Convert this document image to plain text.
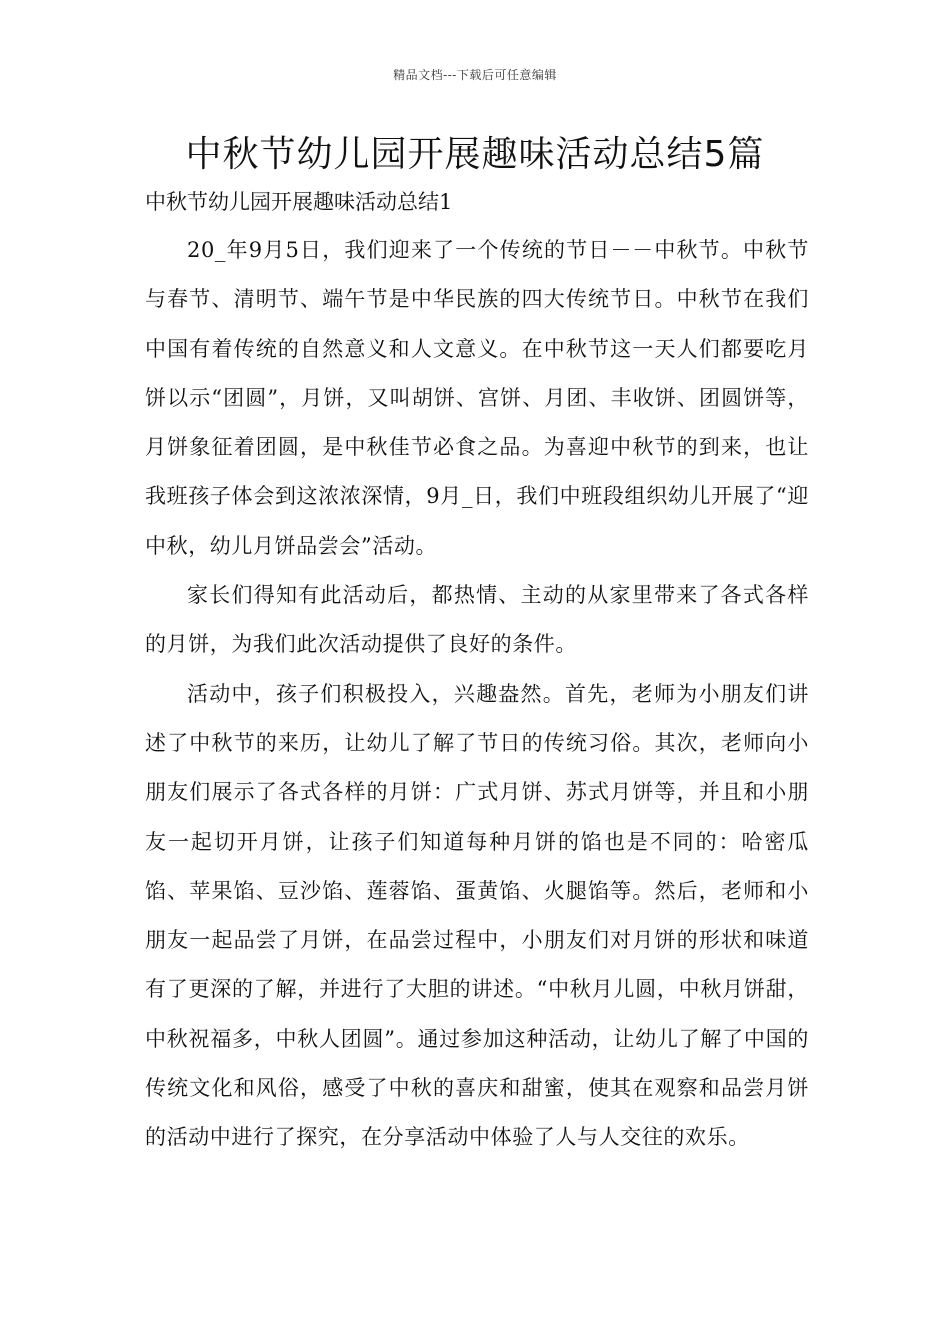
精品文档---下载后可任意编辑
中秋节幼儿园开展趣味活动总结5篇

中秋节幼儿园开展趣味活动总结1

20_年9月5日，我们迎来了一个传统的节日－－中秋节。中秋节与春节、清明节、端午节是中华民族的四大传统节日。中秋节在我们中国有着传统的自然意义和人文意义。在中秋节这一天人们都要吃月饼以示“团圆”，月饼，又叫胡饼、宫饼、月团、丰收饼、团圆饼等，月饼象征着团圆，是中秋佳节必食之品。为喜迎中秋节的到来，也让我班孩子体会到这浓浓深情，9月_日，我们中班段组织幼儿开展了“迎中秋，幼儿月饼品尝会”活动。

家长们得知有此活动后，都热情、主动的从家里带来了各式各样的月饼，为我们此次活动提供了良好的条件。

活动中，孩子们积极投入，兴趣盎然。首先，老师为小朋友们讲述了中秋节的来历，让幼儿了解了节日的传统习俗。其次，老师向小朋友们展示了各式各样的月饼：广式月饼、苏式月饼等，并且和小朋友一起切开月饼，让孩子们知道每种月饼的馅也是不同的：哈密瓜馅、苹果馅、豆沙馅、莲蓉馅、蛋黄馅、火腿馅等。然后，老师和小朋友一起品尝了月饼，在品尝过程中，小朋友们对月饼的形状和味道有了更深的了解，并进行了大胆的讲述。“中秋月儿圆，中秋月饼甜，中秋祝福多，中秋人团圆”。通过参加这种活动，让幼儿了解了中国的传统文化和风俗，感受了中秋的喜庆和甜蜜，使其在观察和品尝月饼的活动中进行了探究，在分享活动中体验了人与人交往的欢乐。
